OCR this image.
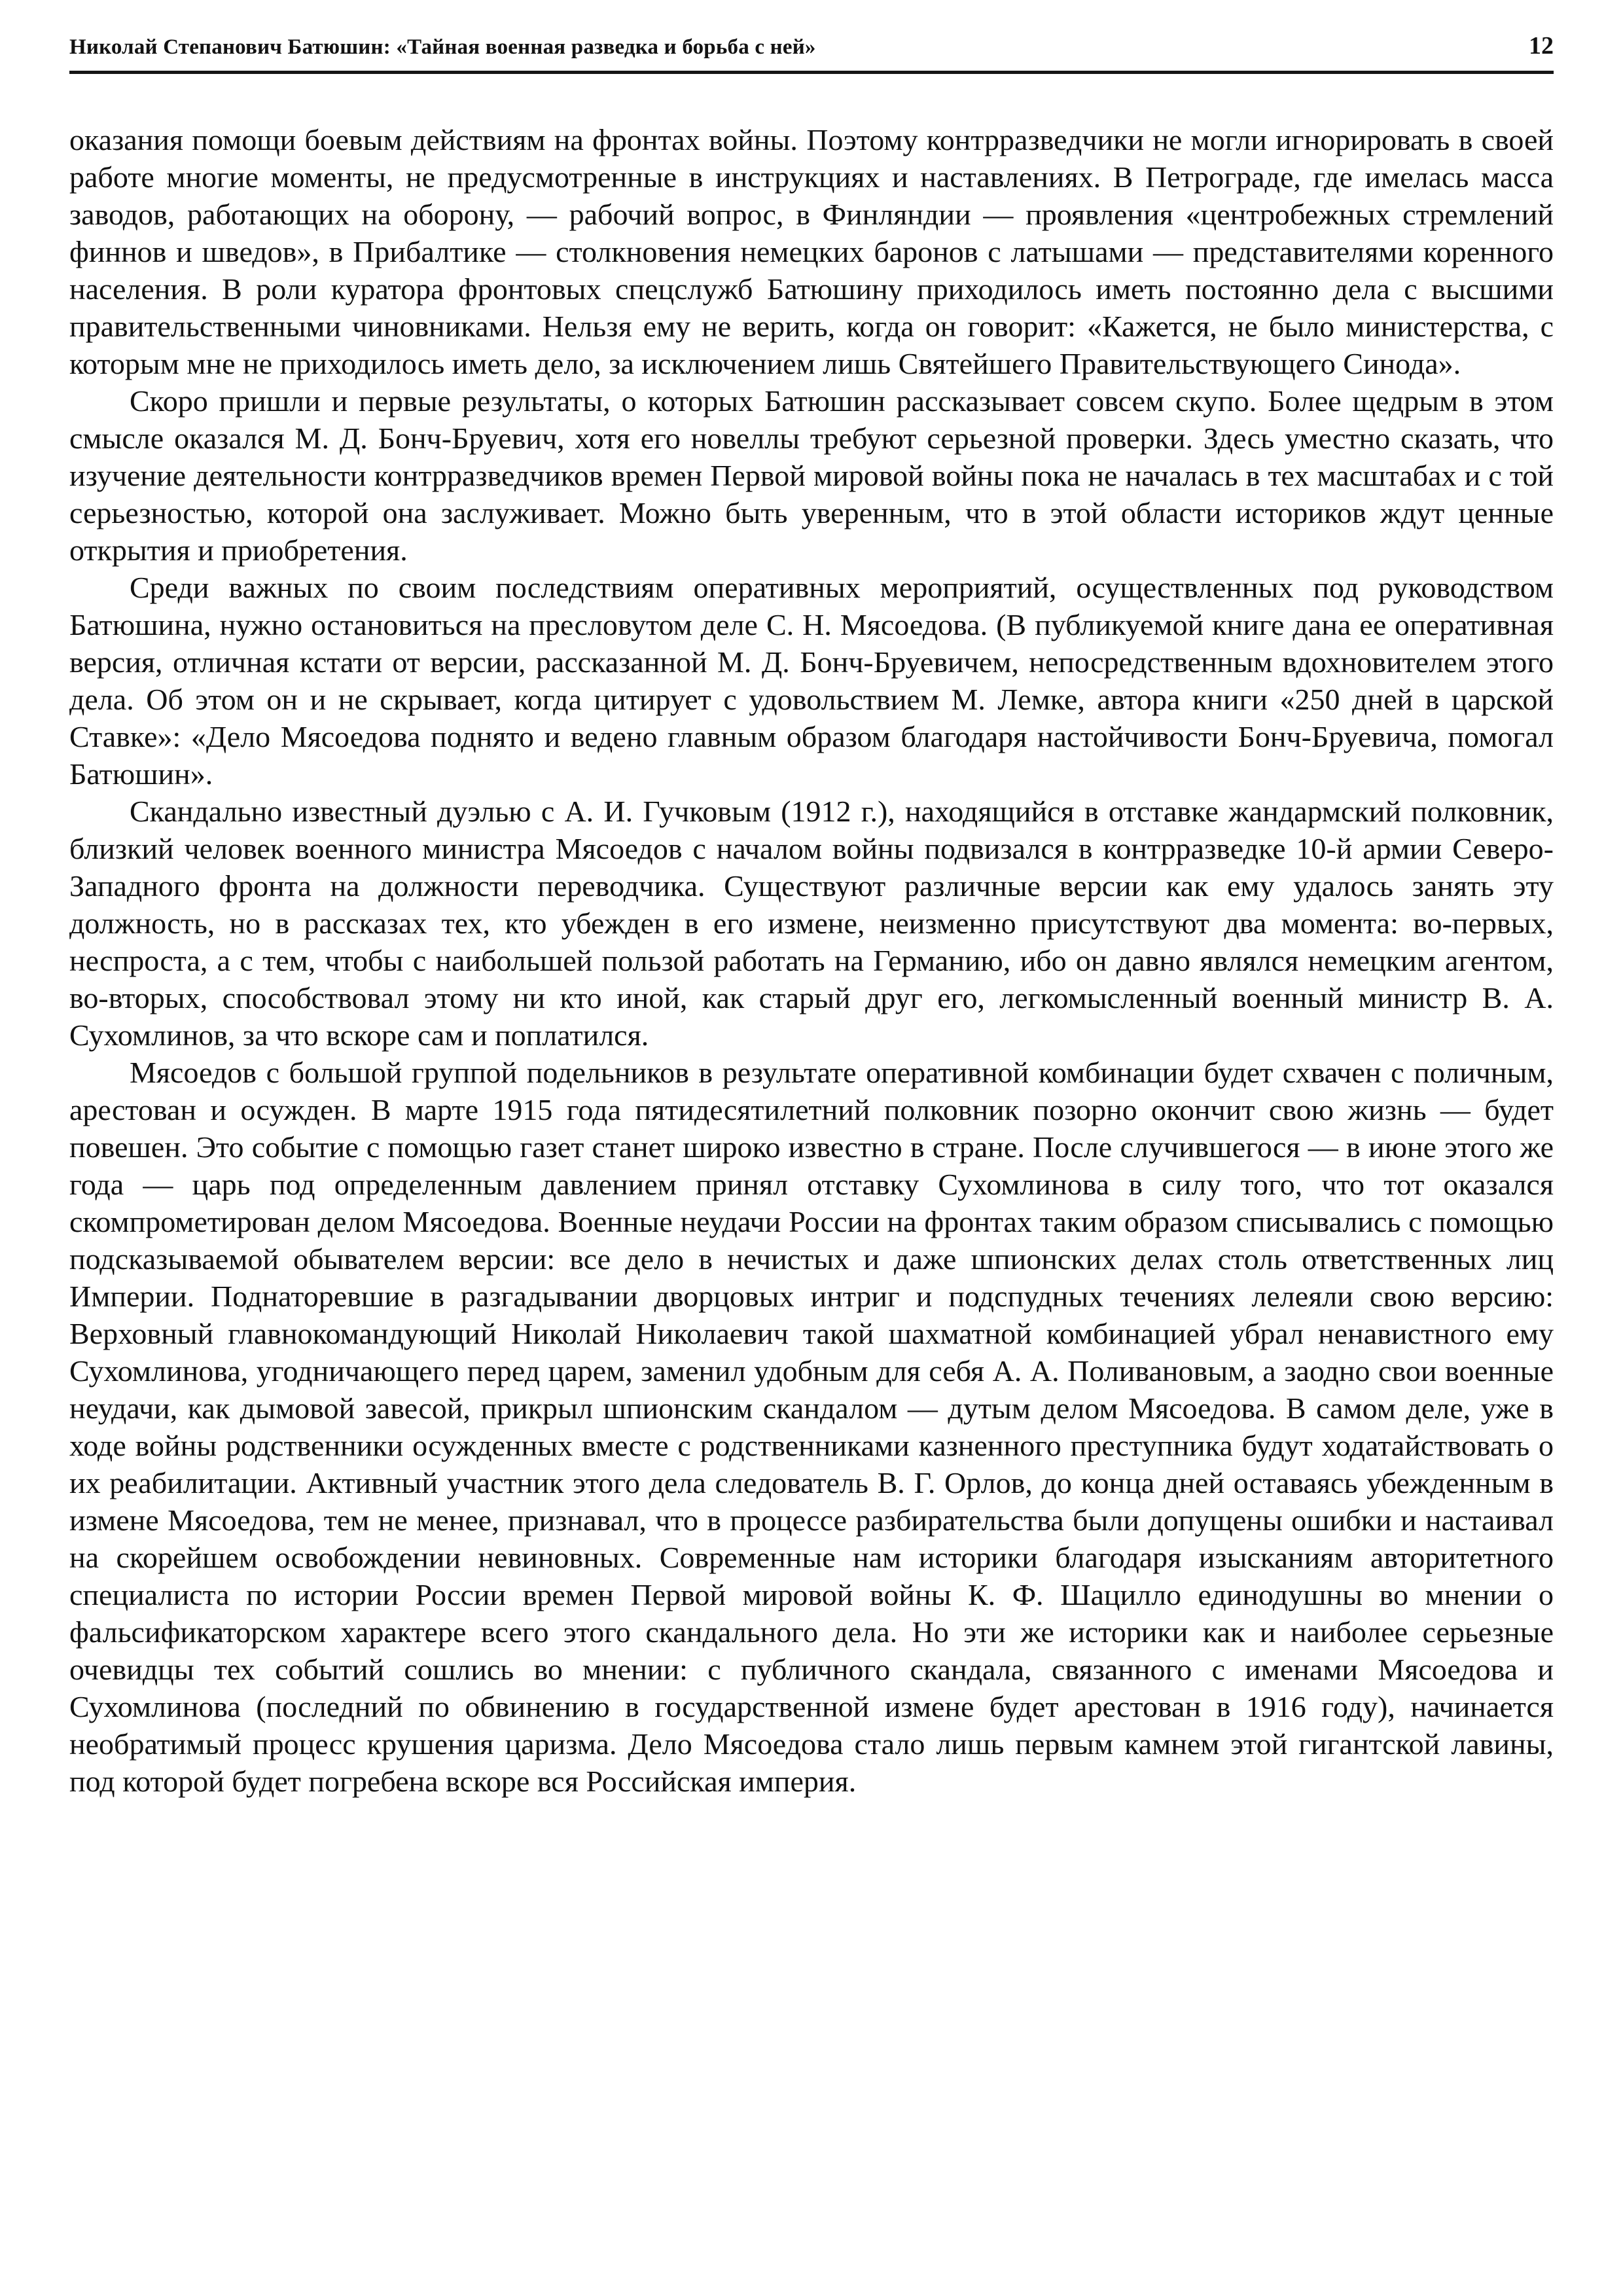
Николай Степанович Батюшин: «Тайная военная разведка и борьба с ней»	12

оказания помощи боевым действиям на фронтах войны. Поэтому контрразведчики не могли игнорировать в своей работе многие моменты, не предусмотренные в инструкциях и наставлениях. В Петрограде, где имелась масса заводов, работающих на оборону, — рабочий вопрос, в Финляндии — проявления «центробежных стремлений финнов и шведов», в Прибалтике — столкновения немецких баронов с латышами — представителями коренного населения. В роли куратора фронтовых спецслужб Батюшину приходилось иметь постоянно дела с высшими правительственными чиновниками. Нельзя ему не верить, когда он говорит: «Кажется, не было министерства, с которым мне не приходилось иметь дело, за исключением лишь Святейшего Правительствующего Синода».

Скоро пришли и первые результаты, о которых Батюшин рассказывает совсем скупо. Более щедрым в этом смысле оказался М. Д. Бонч-Бруевич, хотя его новеллы требуют серьезной проверки. Здесь уместно сказать, что изучение деятельности контрразведчиков времен Первой мировой войны пока не началась в тех масштабах и с той серьезностью, которой она заслуживает. Можно быть уверенным, что в этой области историков ждут ценные открытия и приобретения.

Среди важных по своим последствиям оперативных мероприятий, осуществленных под руководством Батюшина, нужно остановиться на пресловутом деле С. Н. Мясоедова. (В публикуемой книге дана ее оперативная версия, отличная кстати от версии, рассказанной М. Д. Бонч-Бруевичем, непосредственным вдохновителем этого дела. Об этом он и не скрывает, когда цитирует с удовольствием М. Лемке, автора книги «250 дней в царской Ставке»: «Дело Мясоедова поднято и ведено главным образом благодаря настойчивости Бонч-Бруевича, помогал Батюшин».

Скандально известный дуэлью с А. И. Гучковым (1912 г.), находящийся в отставке жандармский полковник, близкий человек военного министра Мясоедов с началом войны подвизался в контрразведке 10-й армии Северо-Западного фронта на должности переводчика. Существуют различные версии как ему удалось занять эту должность, но в рассказах тех, кто убежден в его измене, неизменно присутствуют два момента: во-первых, неспроста, а с тем, чтобы с наибольшей пользой работать на Германию, ибо он давно являлся немецким агентом, во-вторых, способствовал этому ни кто иной, как старый друг его, легкомысленный военный министр В. А. Сухомлинов, за что вскоре сам и поплатился.

Мясоедов с большой группой подельников в результате оперативной комбинации будет схвачен с поличным, арестован и осужден. В марте 1915 года пятидесятилетний полковник позорно окончит свою жизнь — будет повешен. Это событие с помощью газет станет широко известно в стране. После случившегося — в июне этого же года — царь под определенным давлением принял отставку Сухомлинова в силу того, что тот оказался скомпрометирован делом Мясоедова. Военные неудачи России на фронтах таким образом списывались с помощью подсказываемой обывателем версии: все дело в нечистых и даже шпионских делах столь ответственных лиц Империи. Поднаторевшие в разгадывании дворцовых интриг и подспудных течениях лелеяли свою версию: Верховный главнокомандующий Николай Николаевич такой шахматной комбинацией убрал ненавистного ему Сухомлинова, угодничающего перед царем, заменил удобным для себя А. А. Поливановым, а заодно свои военные неудачи, как дымовой завесой, прикрыл шпионским скандалом — дутым делом Мясоедова. В самом деле, уже в ходе войны родственники осужденных вместе с родственниками казненного преступника будут ходатайствовать о их реабилитации. Активный участник этого дела следователь В. Г. Орлов, до конца дней оставаясь убежденным в измене Мясоедова, тем не менее, признавал, что в процессе разбирательства были допущены ошибки и настаивал на скорейшем освобождении невиновных. Современные нам историки благодаря изысканиям авторитетного специалиста по истории России времен Первой мировой войны К. Ф. Шацилло единодушны во мнении о фальсификаторском характере всего этого скандального дела. Но эти же историки как и наиболее серьезные очевидцы тех событий сошлись во мнении: с публичного скандала, связанного с именами Мясоедова и Сухомлинова (последний по обвинению в государственной измене будет арестован в 1916 году), начинается необратимый процесс крушения царизма. Дело Мясоедова стало лишь первым камнем этой гигантской лавины, под которой будет погребена вскоре вся Российская империя.
